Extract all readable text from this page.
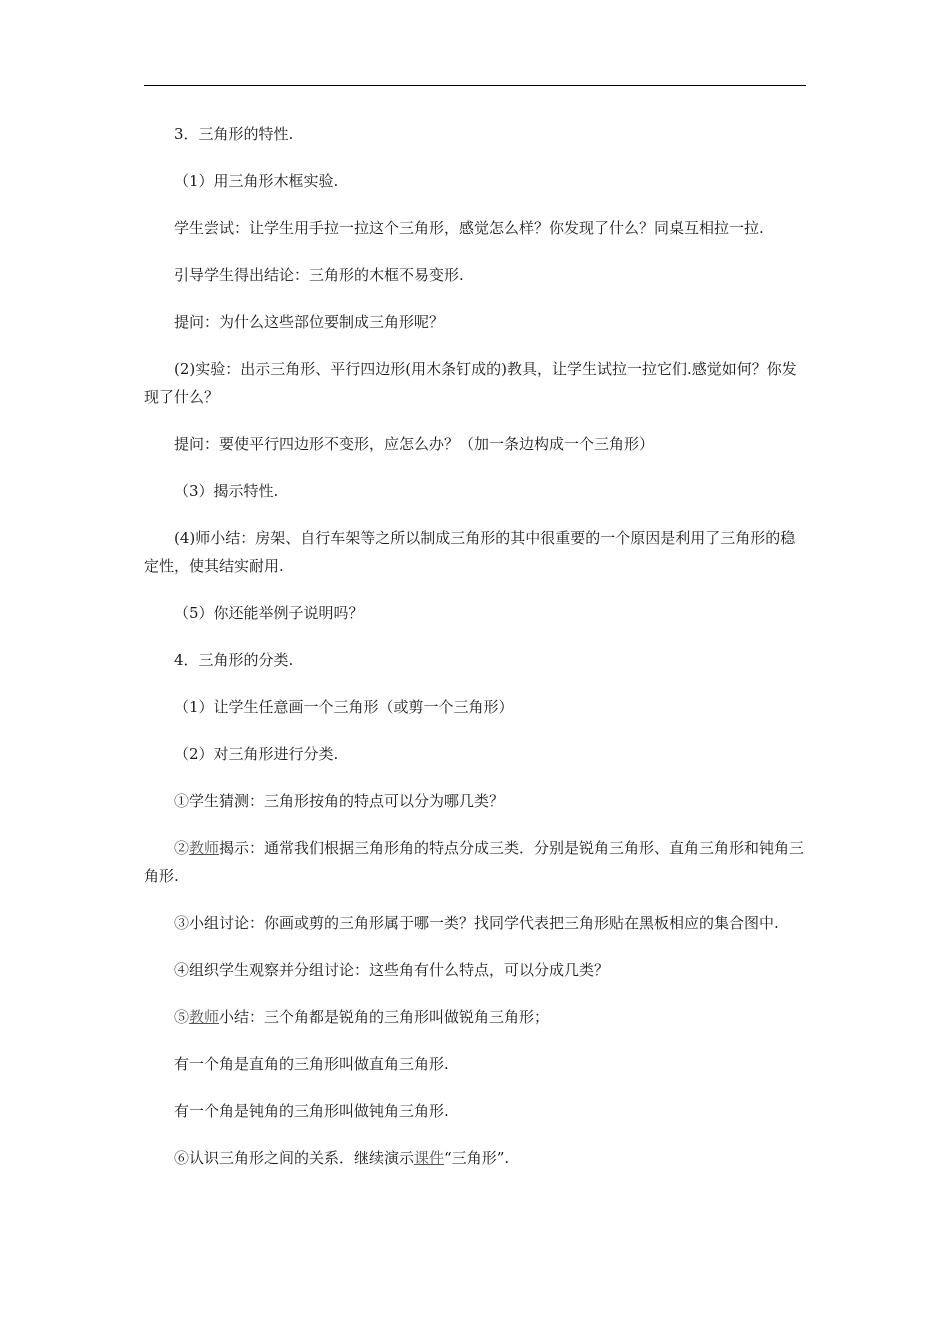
3．三角形的特性.

（1）用三角形木框实验.

学生尝试：让学生用手拉一拉这个三角形，感觉怎么样？你发现了什么？同桌互相拉一拉.

引导学生得出结论：三角形的木框不易变形.

提问：为什么这些部位要制成三角形呢？

(2)实验：出示三角形、平行四边形(用木条钉成的)教具，让学生试拉一拉它们.感觉如何？你发现了什么？

提问：要使平行四边形不变形，应怎么办？（加一条边构成一个三角形）

（3）揭示特性.

(4)师小结：房架、自行车架等之所以制成三角形的其中很重要的一个原因是利用了三角形的稳定性，使其结实耐用.

（5）你还能举例子说明吗？

4．三角形的分类.

（1）让学生任意画一个三角形（或剪一个三角形）

（2）对三角形进行分类.

①学生猜测：三角形按角的特点可以分为哪几类？

②教师揭示：通常我们根据三角形角的特点分成三类．分别是锐角三角形、直角三角形和钝角三角形.

③小组讨论：你画或剪的三角形属于哪一类？找同学代表把三角形贴在黑板相应的集合图中.

④组织学生观察并分组讨论：这些角有什么特点，可以分成几类？

⑤教师小结：三个角都是锐角的三角形叫做锐角三角形；

有一个角是直角的三角形叫做直角三角形.

有一个角是钝角的三角形叫做钝角三角形.

⑥认识三角形之间的关系．继续演示课件“三角形”.
